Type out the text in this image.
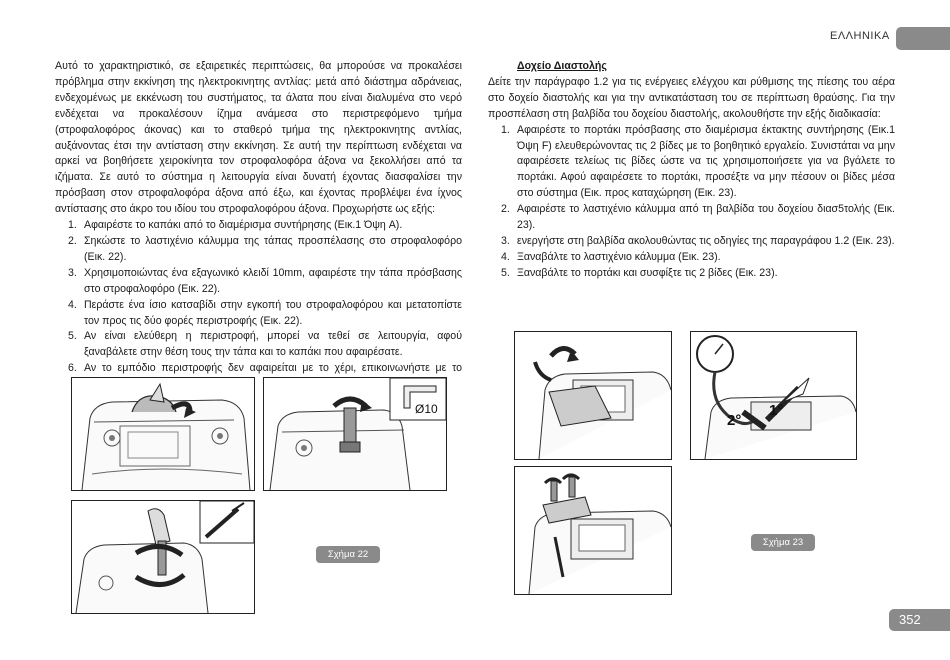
ΕΛΛΗΝΙΚΑ

Αυτό το χαρακτηριστικό, σε εξαιρετικές περιπτώσεις, θα μπορούσε να προκαλέσει πρόβλημα στην εκκίνηση της ηλεκτροκινητης αντλίας: μετά από διάστημα αδράνειας, ενδεχομένως με εκκένωση του συστήματος, τα άλατα που είναι διαλυμένα στο νερό ενδέχεται να προκαλέσουν ίζημα ανάμεσα στο περιστρεφόμενο τμήμα (στροφαλοφόρος άκονας) και το σταθερό τμήμα της ηλεκτροκινητης αντλίας, αυξάνοντας έτσι την αντίσταση στην εκκίνηση. Σε αυτή την περίπτωση ενδέχεται να αρκεί να βοηθήσετε χειροκίνητα τον στροφαλοφόρα άξονα να ξεκολλήσει από τα ιζήματα. Σε αυτό το σύστημα η λειτουργία είναι δυνατή έχοντας διασφαλίσει την πρόσβαση στον στροφαλοφόρα άξονα από έξω, και έχοντας προβλέψει ένα ίχνος αντίστασης στο άκρο του ιδίου του στροφαλοφόρου άξονα. Προχωρήστε ως εξής:

1. Αφαιρέστε το καπάκι από το διαμέρισμα συντήρησης (Εικ.1 Όψη A).
2. Σηκώστε το λαστιχένιο κάλυμμα της τάπας προσπέλασης στο στροφαλοφόρο (Εικ. 22).
3. Χρησιμοποιώντας ένα εξαγωνικό κλειδί 10mm, αφαιρέστε την τάπα πρόσβασης στο στροφαλοφόρο (Εικ. 22).
4. Περάστε ένα ίσιο κατσαβίδι στην εγκοπή του στροφαλοφόρου και μετατοπίστε τον προς τις δύο φορές περιστροφής (Εικ. 22).
5. Αν είναι ελεύθερη η περιστροφή, μπορεί να τεθεί σε λειτουργία, αφού ξαναβάλετε στην θέση τους την τάπα και το καπάκι που αφαιρέσατε.
6. Αν το εμπόδιο περιστροφής δεν αφαιρείται με το χέρι, επικοινωνήστε με το
Δοχείο Διαστολής

Δείτε την παράγραφο 1.2 για τις ενέργειες ελέγχου και ρύθμισης της πίεσης του αέρα στο δοχείο διαστολής και για την αντικατάσταση του σε περίπτωση θραύσης. Για την προσπέλαση στη βαλβίδα του δοχείου διαστολής, ακολουθήστε την εξής διαδικασία:

1. Αφαιρέστε το πορτάκι πρόσβασης στο διαμέρισμα έκτακτης συντήρησης (Εικ.1 Όψη F) ελευθερώνοντας τις 2 βίδες με το βοηθητικό εργαλείο. Συνιστάται να μην αφαιρέσετε τελείως τις βίδες ώστε να τις χρησιμοποιήσετε για να βγάλετε το πορτάκι. Αφού αφαιρέσετε το πορτάκι, προσέξτε να μην πέσουν οι βίδες μέσα στο σύστημα (Εικ. προς καταχώρηση (Εικ. 23).
2. Αφαιρέστε το λαστιχένιο κάλυμμα από τη βαλβίδα του δοχείου διασ5τολής (Εικ. 23).
3. ενεργήστε στη βαλβίδα ακολουθώντας τις οδηγίες της παραγράφου 1.2 (Εικ. 23).
4. Ξαναβάλτε το λαστιχένιο κάλυμμα (Εικ. 23).
5. Ξαναβάλτε το πορτάκι και συσφίξτε τις 2 βίδες (Εικ. 23).
Ø10
Σχήμα 22
1°
2°
Σχήμα 23
352
